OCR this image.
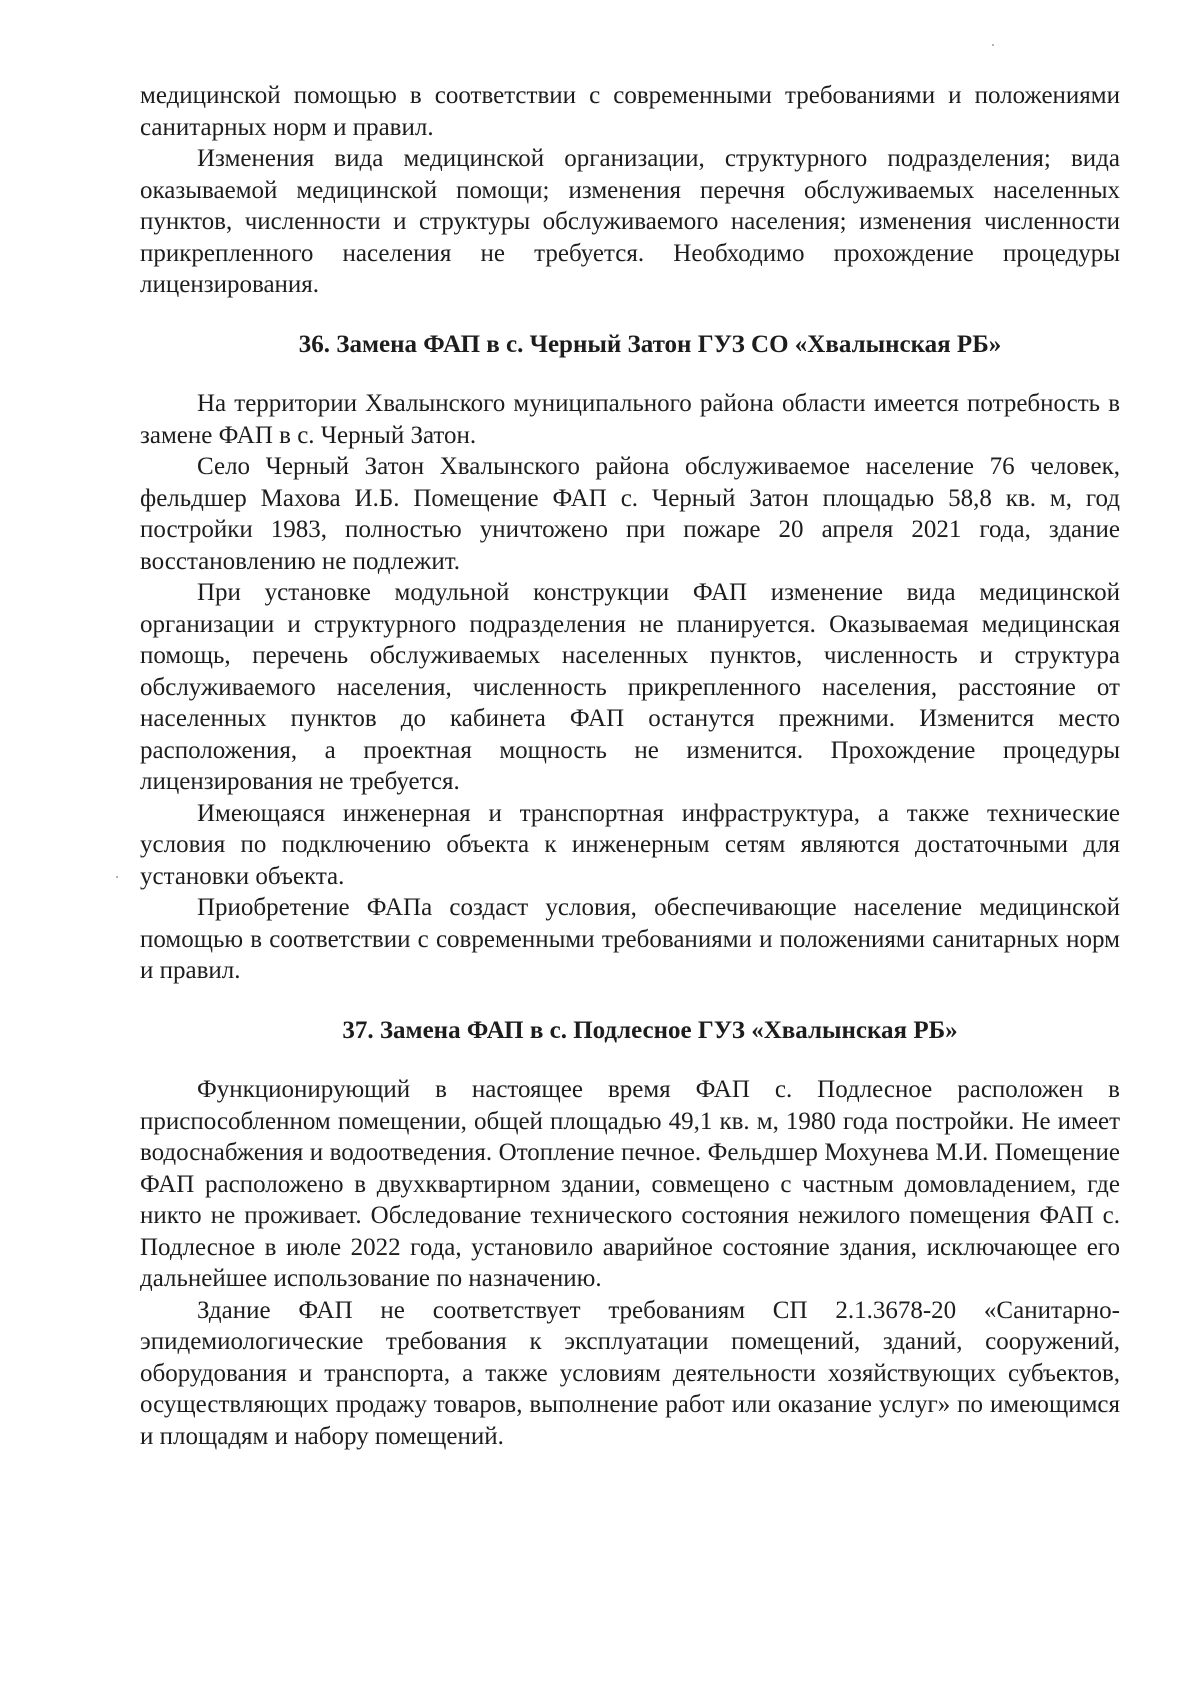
медицинской помощью в соответствии с современными требованиями и положениями санитарных норм и правил.

Изменения вида медицинской организации, структурного подразделения; вида оказываемой медицинской помощи; изменения перечня обслуживаемых населенных пунктов, численности и структуры обслуживаемого населения; изменения численности прикрепленного населения не требуется. Необходимо прохождение процедуры лицензирования.

36. Замена ФАП в с. Черный Затон ГУЗ СО «Хвалынская РБ»

На территории Хвалынского муниципального района области имеется потребность в замене ФАП в с. Черный Затон.

Село Черный Затон Хвалынского района обслуживаемое население 76 человек, фельдшер Махова И.Б. Помещение ФАП с. Черный Затон площадью 58,8 кв. м, год постройки 1983, полностью уничтожено при пожаре 20 апреля 2021 года, здание восстановлению не подлежит.

При установке модульной конструкции ФАП изменение вида медицинской организации и структурного подразделения не планируется. Оказываемая медицинская помощь, перечень обслуживаемых населенных пунктов, численность и структура обслуживаемого населения, численность прикрепленного населения, расстояние от населенных пунктов до кабинета ФАП останутся прежними. Изменится место расположения, а проектная мощность не изменится. Прохождение процедуры лицензирования не требуется.

Имеющаяся инженерная и транспортная инфраструктура, а также технические условия по подключению объекта к инженерным сетям являются достаточными для установки объекта.

Приобретение ФАПа создаст условия, обеспечивающие население медицинской помощью в соответствии с современными требованиями и положениями санитарных норм и правил.

37. Замена ФАП в с. Подлесное ГУЗ «Хвалынская РБ»

Функционирующий в настоящее время ФАП с. Подлесное расположен в приспособленном помещении, общей площадью 49,1 кв. м, 1980 года постройки. Не имеет водоснабжения и водоотведения. Отопление печное. Фельдшер Мохунева М.И. Помещение ФАП расположено в двухквартирном здании, совмещено с частным домовладением, где никто не проживает. Обследование технического состояния нежилого помещения ФАП с. Подлесное в июле 2022 года, установило аварийное состояние здания, исключающее его дальнейшее использование по назначению.

Здание ФАП не соответствует требованиям СП 2.1.3678-20 «Санитарно-эпидемиологические требования к эксплуатации помещений, зданий, сооружений, оборудования и транспорта, а также условиям деятельности хозяйствующих субъектов, осуществляющих продажу товаров, выполнение работ или оказание услуг» по имеющимся и площадям и набору помещений.
